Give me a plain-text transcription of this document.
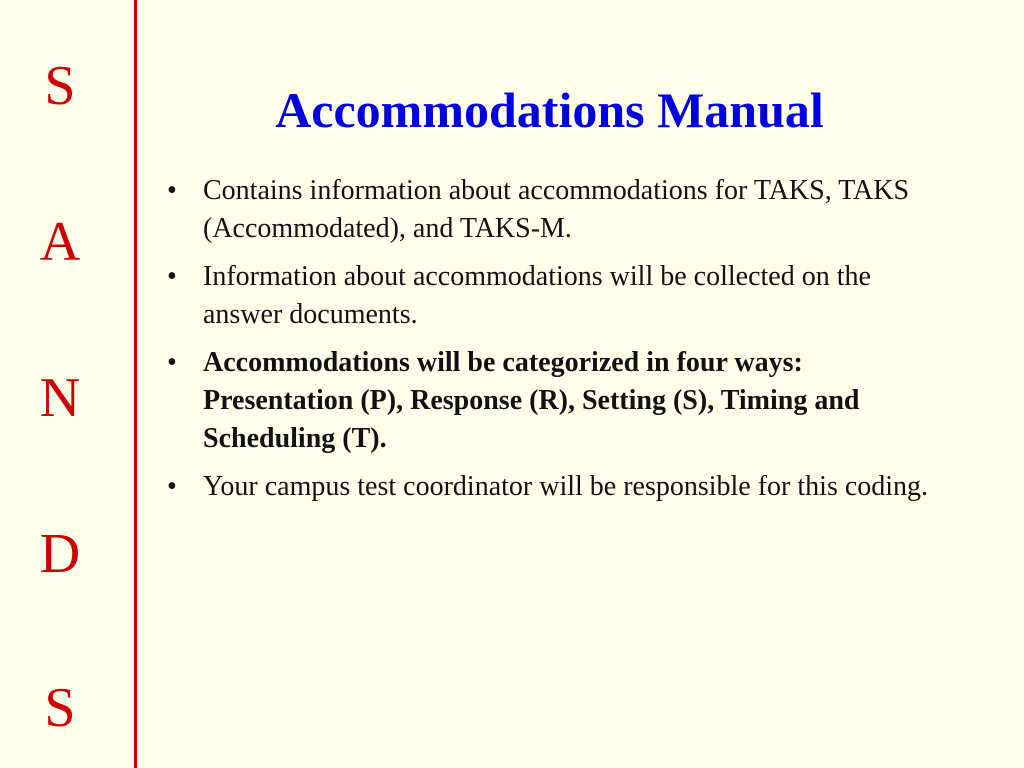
S
A
N
D
S
Accommodations Manual
• Contains information about accommodations for TAKS, TAKS (Accommodated), and TAKS-M.
• Information about accommodations will be collected on the answer documents.
• Accommodations will be categorized in four ways: Presentation (P), Response (R), Setting (S), Timing and Scheduling (T).
• Your campus test coordinator will be responsible for this coding.
